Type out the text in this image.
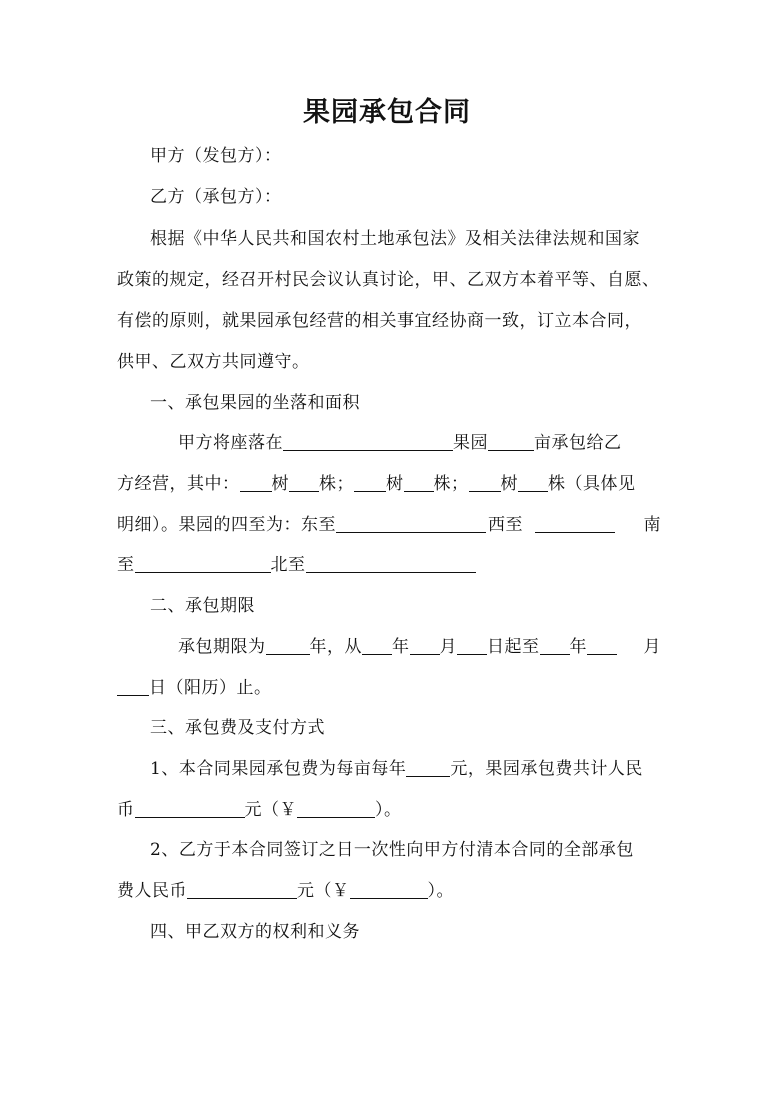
果园承包合同
甲方（发包方）：
乙方（承包方）：
根据《中华人民共和国农村土地承包法》及相关法律法规和国家
政策的规定，经召开村民会议认真讨论，甲、乙双方本着平等、自愿、
有偿的原则，就果园承包经营的相关事宜经协商一致，订立本合同，
供甲、乙双方共同遵守。
一、承包果园的坐落和面积
甲方将座落在	果园	亩承包给乙
方经营，其中： 树 株； 树 株； 树 株（具体见
明细）。果园的四至为：东至	西至	南
至	北至
二、承包期限
承包期限为	年，从 年 月 日起至 年	月
日（阳历）止。
三、承包费及支付方式
1、本合同果园承包费为每亩每年	元，果园承包费共计人民
币	元（￥	）。
2、乙方于本合同签订之日一次性向甲方付清本合同的全部承包
费人民币	元（￥	）。
四、甲乙双方的权利和义务
